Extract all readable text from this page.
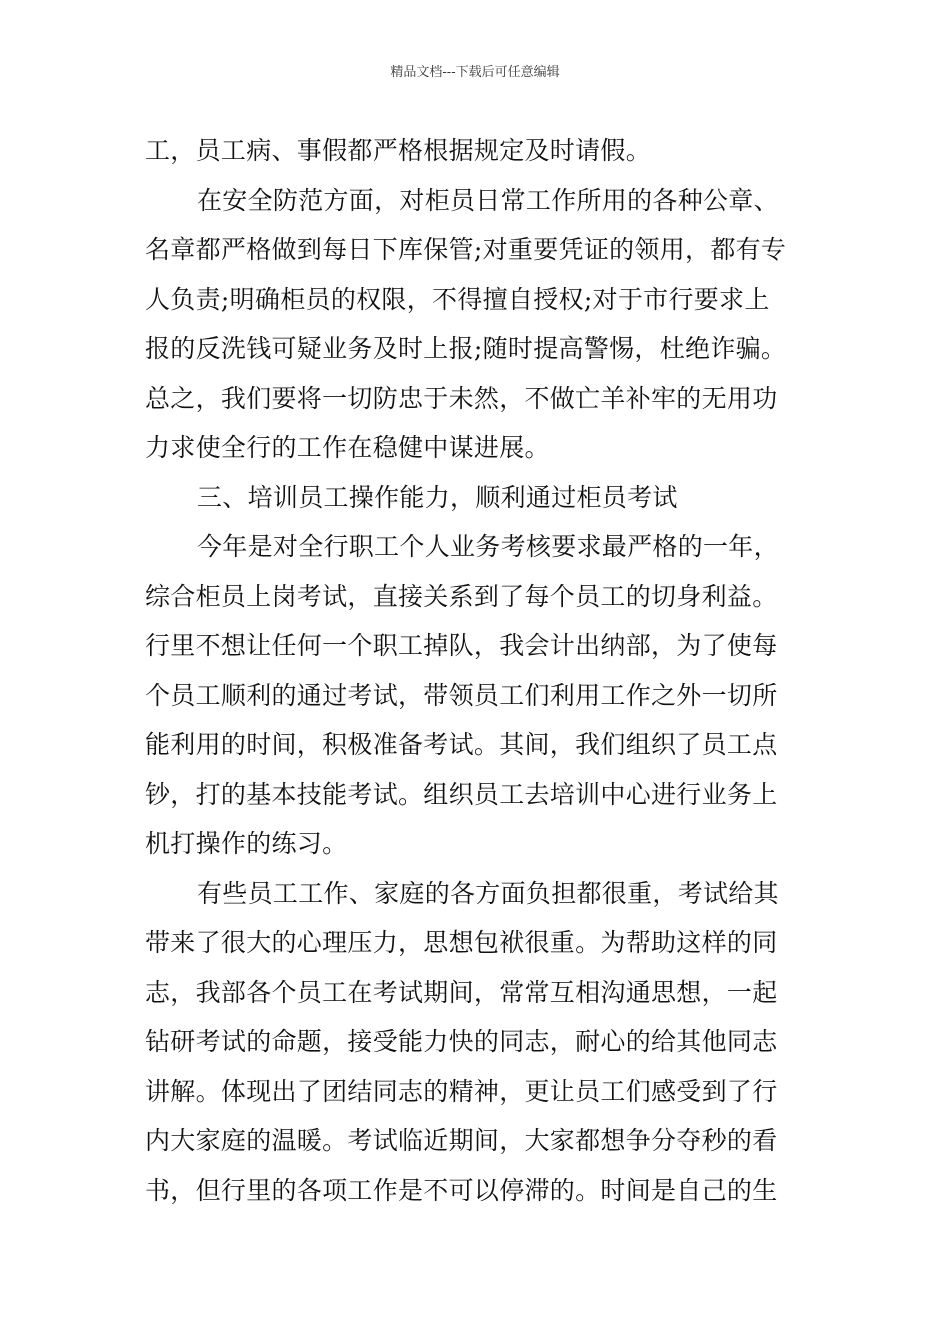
精品文档---下载后可任意编辑
工，员工病、事假都严格根据规定及时请假。
在安全防范方面，对柜员日常工作所用的各种公章、
名章都严格做到每日下库保管;对重要凭证的领用，都有专
人负责;明确柜员的权限，不得擅自授权;对于市行要求上
报的反洗钱可疑业务及时上报;随时提高警惕，杜绝诈骗。
总之，我们要将一切防忠于未然，不做亡羊补牢的无用功
力求使全行的工作在稳健中谋进展。
三、培训员工操作能力，顺利通过柜员考试
今年是对全行职工个人业务考核要求最严格的一年，
综合柜员上岗考试，直接关系到了每个员工的切身利益。
行里不想让任何一个职工掉队，我会计出纳部，为了使每
个员工顺利的通过考试，带领员工们利用工作之外一切所
能利用的时间，积极准备考试。其间，我们组织了员工点
钞，打的基本技能考试。组织员工去培训中心进行业务上
机打操作的练习。
有些员工工作、家庭的各方面负担都很重，考试给其
带来了很大的心理压力，思想包袱很重。为帮助这样的同
志，我部各个员工在考试期间，常常互相沟通思想，一起
钻研考试的命题，接受能力快的同志，耐心的给其他同志
讲解。体现出了团结同志的精神，更让员工们感受到了行
内大家庭的温暖。考试临近期间，大家都想争分夺秒的看
书，但行里的各项工作是不可以停滞的。时间是自己的生
